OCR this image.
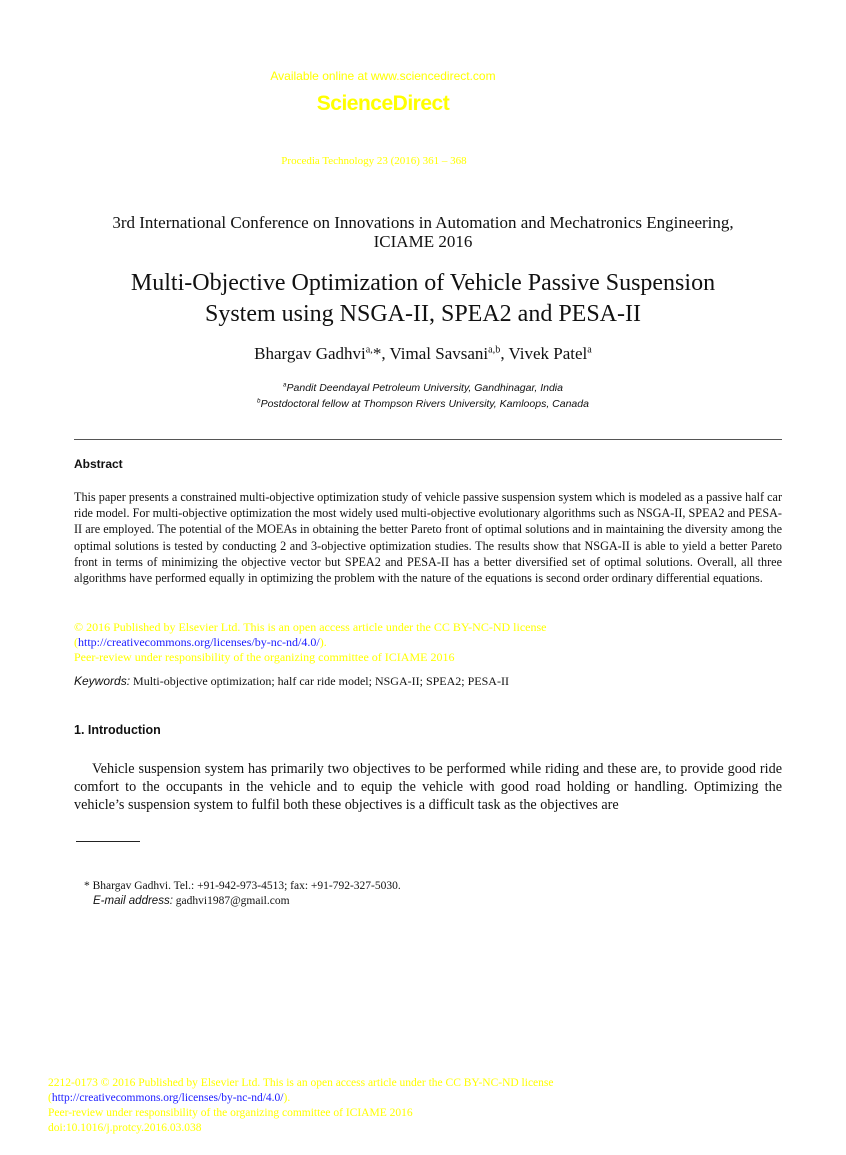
Available online at www.sciencedirect.com
ScienceDirect
Procedia Technology 23 (2016) 361 – 368
3rd International Conference on Innovations in Automation and Mechatronics Engineering,
ICIAME 2016
Multi-Objective Optimization of Vehicle Passive Suspension
System using NSGA-II, SPEA2 and PESA-II
Bhargav Gadhvi$^{a,}$*, Vimal Savsani$^{a,b}$, Vivek Patel$^a$
$^a$Pandit Deendayal Petroleum University, Gandhinagar, India
$^b$Postdoctoral fellow at Thompson Rivers University, Kamloops, Canada
Abstract
This paper presents a constrained multi-objective optimization study of vehicle passive suspension system which is modeled as a passive half car ride model. For multi-objective optimization the most widely used multi-objective evolutionary algorithms such as NSGA-II, SPEA2 and PESA-II are employed. The potential of the MOEAs in obtaining the better Pareto front of optimal solutions and in maintaining the diversity among the optimal solutions is tested by conducting 2 and 3-objective optimization studies. The results show that NSGA-II is able to yield a better Pareto front in terms of minimizing the objective vector but SPEA2 and PESA-II has a better diversified set of optimal solutions. Overall, all three algorithms have performed equally in optimizing the problem with the nature of the equations is second order ordinary differential equations.
© 2016 Published by Elsevier Ltd. This is an open access article under the CC BY-NC-ND license
(http://creativecommons.org/licenses/by-nc-nd/4.0/).
Peer-review under responsibility of the organizing committee of ICIAME 2016
Keywords: Multi-objective optimization; half car ride model; NSGA-II; SPEA2; PESA-II
1. Introduction
Vehicle suspension system has primarily two objectives to be performed while riding and these are, to provide good ride comfort to the occupants in the vehicle and to equip the vehicle with good road holding or handling. Optimizing the vehicle’s suspension system to fulfil both these objectives is a difficult task as the objectives are
* Bhargav Gadhvi. Tel.: +91-942-973-4513; fax: +91-792-327-5030.
E-mail address: gadhvi1987@gmail.com
2212-0173 © 2016 Published by Elsevier Ltd. This is an open access article under the CC BY-NC-ND license
(http://creativecommons.org/licenses/by-nc-nd/4.0/).
Peer-review under responsibility of the organizing committee of ICIAME 2016
doi:10.1016/j.protcy.2016.03.038
